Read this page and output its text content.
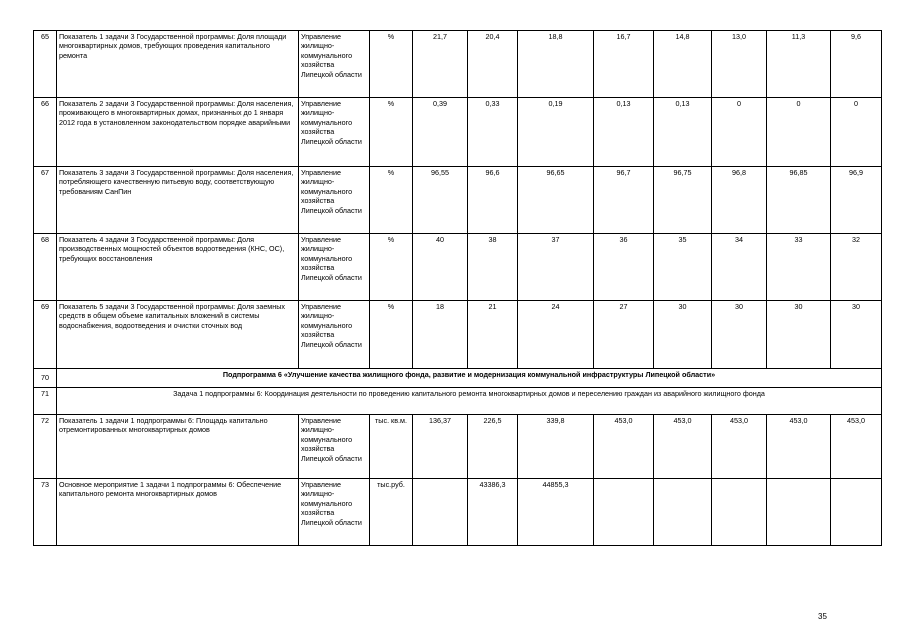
65	Показатель 1 задачи 3 Государственной программы: Доля площади многоквартирных домов, требующих проведения капитального ремонта	Управление жилищно-коммунального хозяйства Липецкой области	%	21,7	20,4	18,8	16,7	14,8	13,0	11,3	9,6
66	Показатель 2 задачи 3 Государственной программы: Доля населения, проживающего в многоквартирных домах, признанных до 1 января 2012 года в установленном законодательством порядке аварийными	Управление жилищно-коммунального хозяйства Липецкой области	%	0,39	0,33	0,19	0,13	0,13	0	0	0
67	Показатель 3 задачи 3 Государственной программы: Доля населения, потребляющего качественную питьевую воду, соответствующую требованиям СанПин	Управление жилищно-коммунального хозяйства Липецкой области	%	96,55	96,6	96,65	96,7	96,75	96,8	96,85	96,9
68	Показатель 4 задачи 3 Государственной программы: Доля производственных мощностей объектов водоотведения (КНС, ОС), требующих восстановления	Управление жилищно-коммунального хозяйства Липецкой области	%	40	38	37	36	35	34	33	32
69	Показатель 5 задачи 3 Государственной программы: Доля заемных средств в общем объеме капитальных вложений в системы водоснабжения, водоотведения и очистки сточных вод	Управление жилищно-коммунального хозяйства Липецкой области	%	18	21	24	27	30	30	30	30
70	Подпрограмма 6 «Улучшение качества жилищного фонда, развитие и модернизация коммунальной инфраструктуры Липецкой области»										
71	Задача 1 подпрограммы 6: Координация деятельности по проведению капитального ремонта многоквартирных домов и переселению граждан из аварийного жилищного фонда										
72	Показатель 1 задачи 1 подпрограммы 6: Площадь капитально отремонтированных многоквартирных домов	Управление жилищно-коммунального хозяйства Липецкой области	тыс. кв.м.	136,37	226,5	339,8	453,0	453,0	453,0	453,0	453,0
73	Основное мероприятие 1 задачи 1 подпрограммы 6: Обеспечение капитального ремонта многоквартирных домов	Управление жилищно-коммунального хозяйства Липецкой области	тыс.руб.		43386,3	44855,3					
35
